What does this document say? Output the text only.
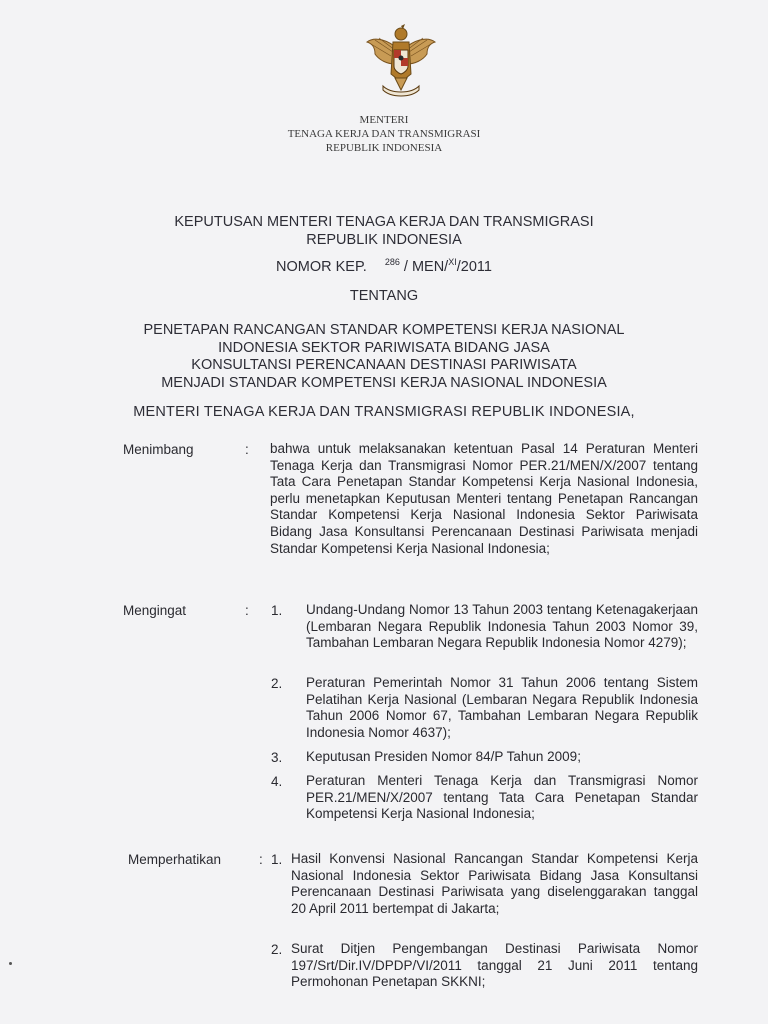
MENTERI
TENAGA KERJA DAN TRANSMIGRASI
REPUBLIK INDONESIA
KEPUTUSAN MENTERI TENAGA KERJA DAN TRANSMIGRASI
REPUBLIK INDONESIA
NOMOR KEP. $^{286}$ / MEN/$^{XI}$/2011
TENTANG
PENETAPAN RANCANGAN STANDAR KOMPETENSI KERJA NASIONAL
INDONESIA SEKTOR PARIWISATA BIDANG JASA
KONSULTANSI PERENCANAAN DESTINASI PARIWISATA
MENJADI STANDAR KOMPETENSI KERJA NASIONAL INDONESIA
MENTERI TENAGA KERJA DAN TRANSMIGRASI REPUBLIK INDONESIA,
Menimbang	: bahwa untuk melaksanakan ketentuan Pasal 14 Peraturan Menteri Tenaga Kerja dan Transmigrasi Nomor PER.21/MEN/X/2007 tentang Tata Cara Penetapan Standar Kompetensi Kerja Nasional Indonesia, perlu menetapkan Keputusan Menteri tentang Penetapan Rancangan Standar Kompetensi Kerja Nasional Indonesia Sektor Pariwisata Bidang Jasa Konsultansi Perencanaan Destinasi Pariwisata menjadi Standar Kompetensi Kerja Nasional Indonesia;

Mengingat	: 1. Undang-Undang Nomor 13 Tahun 2003 tentang Ketenagakerjaan (Lembaran Negara Republik Indonesia Tahun 2003 Nomor 39, Tambahan Lembaran Negara Republik Indonesia Nomor 4279);

2. Peraturan Pemerintah Nomor 31 Tahun 2006 tentang Sistem Pelatihan Kerja Nasional (Lembaran Negara Republik Indonesia Tahun 2006 Nomor 67, Tambahan Lembaran Negara Republik Indonesia Nomor 4637);

3. Keputusan Presiden Nomor 84/P Tahun 2009;

4. Peraturan Menteri Tenaga Kerja dan Transmigrasi Nomor PER.21/MEN/X/2007 tentang Tata Cara Penetapan Standar Kompetensi Kerja Nasional Indonesia;

Memperhatikan	: 1. Hasil Konvensi Nasional Rancangan Standar Kompetensi Kerja Nasional Indonesia Sektor Pariwisata Bidang Jasa Konsultansi Perencanaan Destinasi Pariwisata yang diselenggarakan tanggal 20 April 2011 bertempat di Jakarta;

2. Surat Ditjen Pengembangan Destinasi Pariwisata Nomor 197/Srt/Dir.IV/DPDP/VI/2011 tanggal 21 Juni 2011 tentang Permohonan Penetapan SKKNI;
